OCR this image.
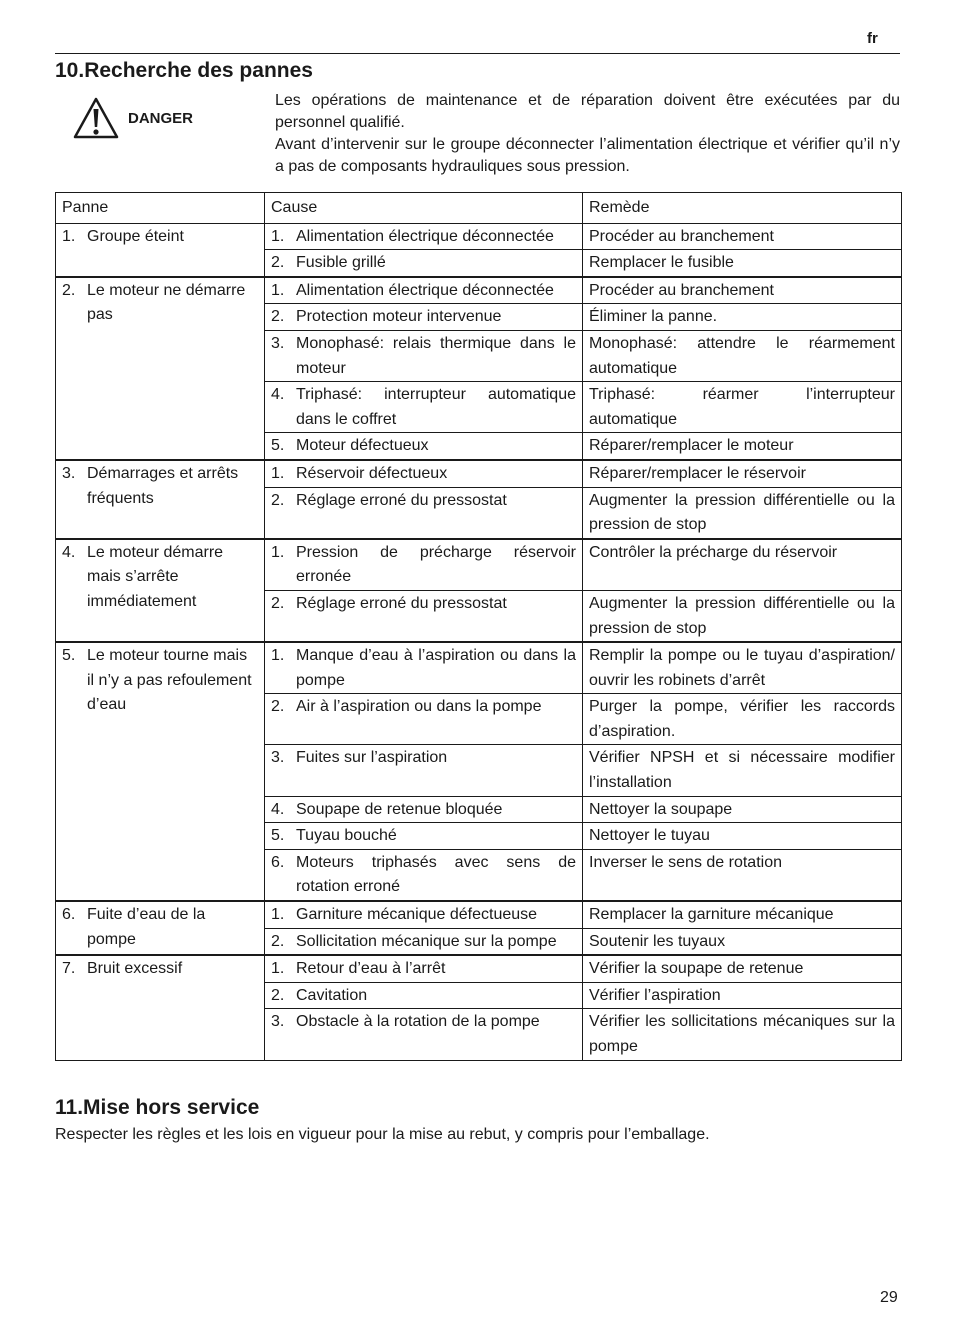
fr
10.Recherche des pannes
DANGER

Les opérations de maintenance et de réparation doivent être exécutées par du personnel qualifié.

Avant d’intervenir sur le groupe déconnecter l’alimentation électrique et vérifier qu’il n’y a pas de composants hydrauliques sous pression.

Panne	Cause	Remède

1. Groupe éteint	1. Alimentation électrique déconnectée	Procéder au branchement

	2. Fusible grillé	Remplacer le fusible

2. Le moteur ne démarre pas	1. Alimentation électrique déconnectée	Procéder au branchement

	2. Protection moteur intervenue	Éliminer la panne.

	3. Monophasé: relais thermique dans le moteur	Monophasé: attendre le réarmement automatique

	4. Triphasé: interrupteur automatique dans le coffret	Triphasé: réarmer l’interrupteur automatique

	5. Moteur défectueux	Réparer/remplacer le moteur

3. Démarrages et arrêts fréquents	1. Réservoir défectueux	Réparer/remplacer le réservoir

	2. Réglage erroné du pressostat	Augmenter la pression différentielle ou la pression de stop

4. Le moteur démarre mais s’arrête immédiatement	1. Pression de précharge réservoir erronée	Contrôler la précharge du réservoir

	2. Réglage erroné du pressostat	Augmenter la pression différentielle ou la pression de stop

5. Le moteur tourne mais il n’y a pas refoulement d’eau	1. Manque d’eau à l’aspiration ou dans la pompe	Remplir la pompe ou le tuyau d’aspiration/ ouvrir les robinets d’arrêt

	2. Air à l’aspiration ou dans la pompe	Purger la pompe, vérifier les raccords d’aspiration.

	3. Fuites sur l’aspiration	Vérifier NPSH et si nécessaire modifier l’installation

	4. Soupape de retenue bloquée	Nettoyer la soupape

	5. Tuyau bouché	Nettoyer le tuyau

	6. Moteurs triphasés avec sens de rotation erroné	Inverser le sens de rotation

6. Fuite d’eau de la pompe	1. Garniture mécanique défectueuse	Remplacer la garniture mécanique

	2. Sollicitation mécanique sur la pompe	Soutenir les tuyaux

7. Bruit excessif	1. Retour d’eau à l’arrêt	Vérifier la soupape de retenue

	2. Cavitation	Vérifier l’aspiration

	3. Obstacle à la rotation de la pompe	Vérifier les sollicitations mécaniques sur la pompe
11.Mise hors service
Respecter les règles et les lois en vigueur pour la mise au rebut, y compris pour l’emballage.
29
